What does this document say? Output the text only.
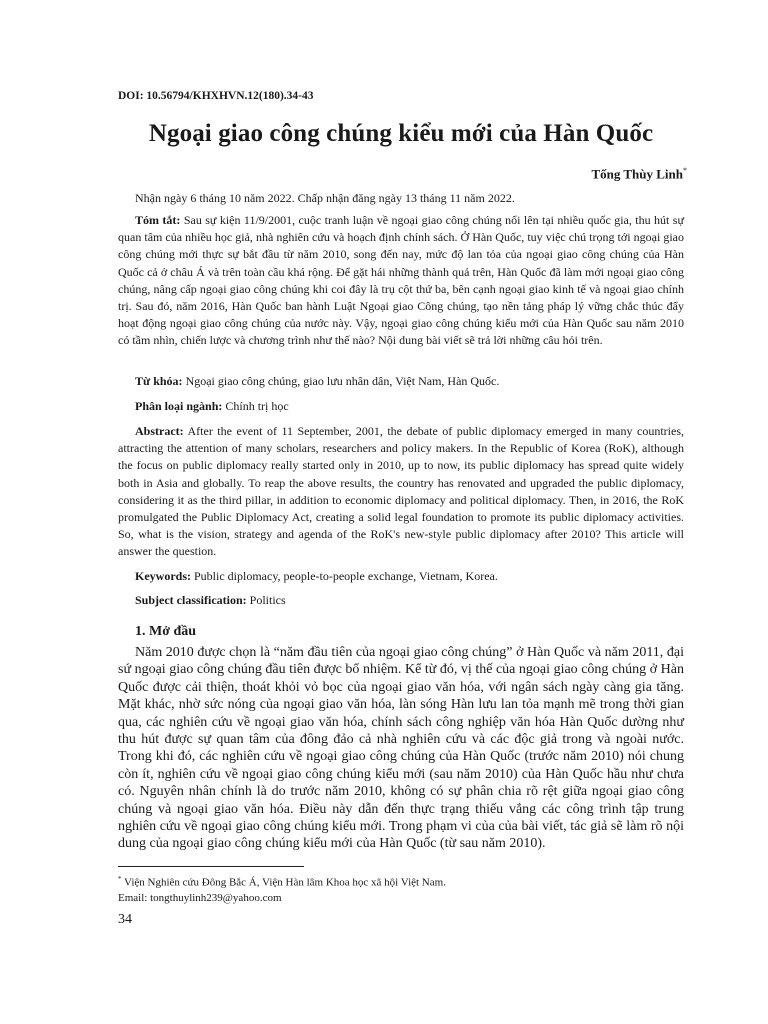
DOI: 10.56794/KHXHVN.12(180).34-43
Ngoại giao công chúng kiểu mới của Hàn Quốc
Tống Thùy Linh*
Nhận ngày 6 tháng 10 năm 2022. Chấp nhận đăng ngày 13 tháng 11 năm 2022.
Tóm tắt: Sau sự kiện 11/9/2001, cuộc tranh luận về ngoại giao công chúng nổi lên tại nhiều quốc gia, thu hút sự quan tâm của nhiều học giả, nhà nghiên cứu và hoạch định chính sách. Ở Hàn Quốc, tuy việc chú trọng tới ngoại giao công chúng mới thực sự bắt đầu từ năm 2010, song đến nay, mức độ lan tỏa của ngoại giao công chúng của Hàn Quốc cả ở châu Á và trên toàn cầu khá rộng. Để gặt hái những thành quả trên, Hàn Quốc đã làm mới ngoại giao công chúng, nâng cấp ngoại giao công chúng khi coi đây là trụ cột thứ ba, bên cạnh ngoại giao kinh tế và ngoại giao chính trị. Sau đó, năm 2016, Hàn Quốc ban hành Luật Ngoại giao Công chúng, tạo nền tảng pháp lý vững chắc thúc đẩy hoạt động ngoại giao công chúng của nước này. Vậy, ngoại giao công chúng kiểu mới của Hàn Quốc sau năm 2010 có tầm nhìn, chiến lược và chương trình như thế nào? Nội dung bài viết sẽ trả lời những câu hỏi trên.
Từ khóa: Ngoại giao công chúng, giao lưu nhân dân, Việt Nam, Hàn Quốc.
Phân loại ngành: Chính trị học
Abstract: After the event of 11 September, 2001, the debate of public diplomacy emerged in many countries, attracting the attention of many scholars, researchers and policy makers. In the Republic of Korea (RoK), although the focus on public diplomacy really started only in 2010, up to now, its public diplomacy has spread quite widely both in Asia and globally. To reap the above results, the country has renovated and upgraded the public diplomacy, considering it as the third pillar, in addition to economic diplomacy and political diplomacy. Then, in 2016, the RoK promulgated the Public Diplomacy Act, creating a solid legal foundation to promote its public diplomacy activities. So, what is the vision, strategy and agenda of the RoK's new-style public diplomacy after 2010? This article will answer the question.
Keywords: Public diplomacy, people-to-people exchange, Vietnam, Korea.
Subject classification: Politics
1. Mở đầu
Năm 2010 được chọn là “năm đầu tiên của ngoại giao công chúng” ở Hàn Quốc và năm 2011, đại sứ ngoại giao công chúng đầu tiên được bổ nhiệm. Kể từ đó, vị thế của ngoại giao công chúng ở Hàn Quốc được cải thiện, thoát khỏi vỏ bọc của ngoại giao văn hóa, với ngân sách ngày càng gia tăng. Mặt khác, nhờ sức nóng của ngoại giao văn hóa, làn sóng Hàn lưu lan tỏa mạnh mẽ trong thời gian qua, các nghiên cứu về ngoại giao văn hóa, chính sách công nghiệp văn hóa Hàn Quốc dường như thu hút được sự quan tâm của đông đảo cả nhà nghiên cứu và các độc giả trong và ngoài nước. Trong khi đó, các nghiên cứu về ngoại giao công chúng của Hàn Quốc (trước năm 2010) nói chung còn ít, nghiên cứu về ngoại giao công chúng kiểu mới (sau năm 2010) của Hàn Quốc hầu như chưa có. Nguyên nhân chính là do trước năm 2010, không có sự phân chia rõ rệt giữa ngoại giao công chúng và ngoại giao văn hóa. Điều này dẫn đến thực trạng thiếu vắng các công trình tập trung nghiên cứu về ngoại giao công chúng kiểu mới. Trong phạm vi của của bài viết, tác giả sẽ làm rõ nội dung của ngoại giao công chúng kiểu mới của Hàn Quốc (từ sau năm 2010).
* Viện Nghiên cứu Đông Bắc Á, Viện Hàn lâm Khoa học xã hội Việt Nam.
Email: tongthuylinh239@yahoo.com
34
